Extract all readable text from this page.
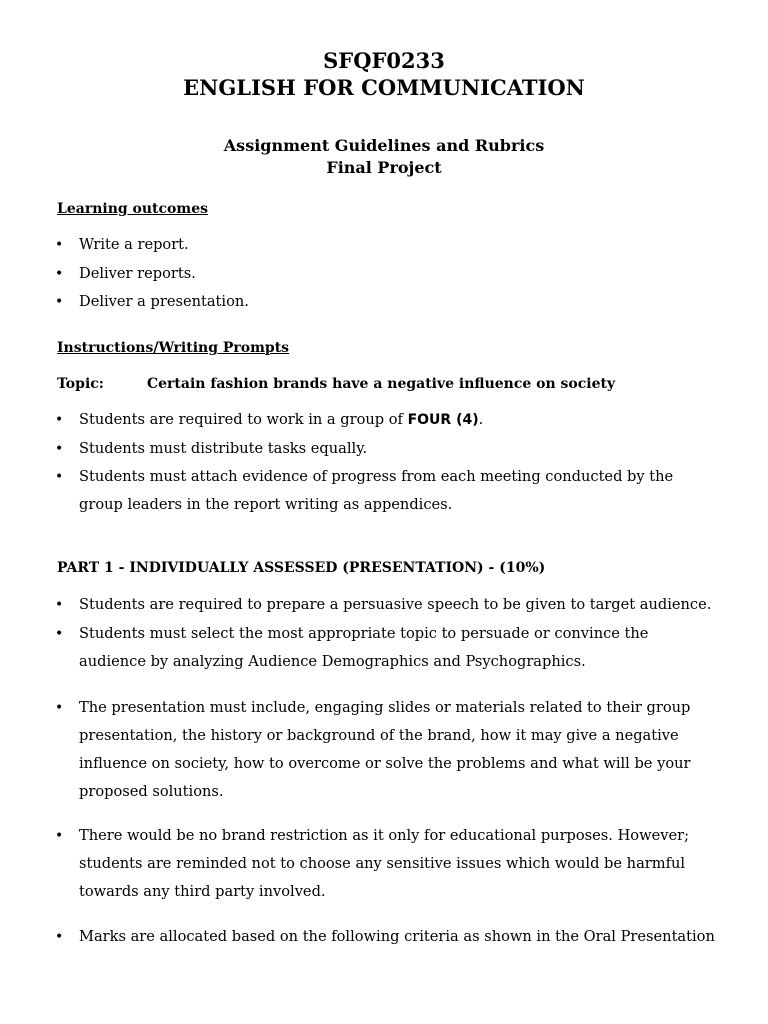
SFQF0233
ENGLISH FOR COMMUNICATION
Assignment Guidelines and Rubrics
Final Project
Learning outcomes
• Write a report.
• Deliver reports.
• Deliver a presentation.
Instructions/Writing Prompts
Topic:	Certain fashion brands have a negative influence on society
• Students are required to work in a group of FOUR (4).
• Students must distribute tasks equally.
• Students must attach evidence of progress from each meeting conducted by the group leaders in the report writing as appendices.
PART 1 - INDIVIDUALLY ASSESSED (PRESENTATION) - (10%)
• Students are required to prepare a persuasive speech to be given to target audience.
• Students must select the most appropriate topic to persuade or convince the audience by analyzing Audience Demographics and Psychographics.
• The presentation must include, engaging slides or materials related to their group presentation, the history or background of the brand, how it may give a negative influence on society, how to overcome or solve the problems and what will be your proposed solutions.
• There would be no brand restriction as it only for educational purposes. However; students are reminded not to choose any sensitive issues which would be harmful towards any third party involved.
• Marks are allocated based on the following criteria as shown in the Oral Presentation
